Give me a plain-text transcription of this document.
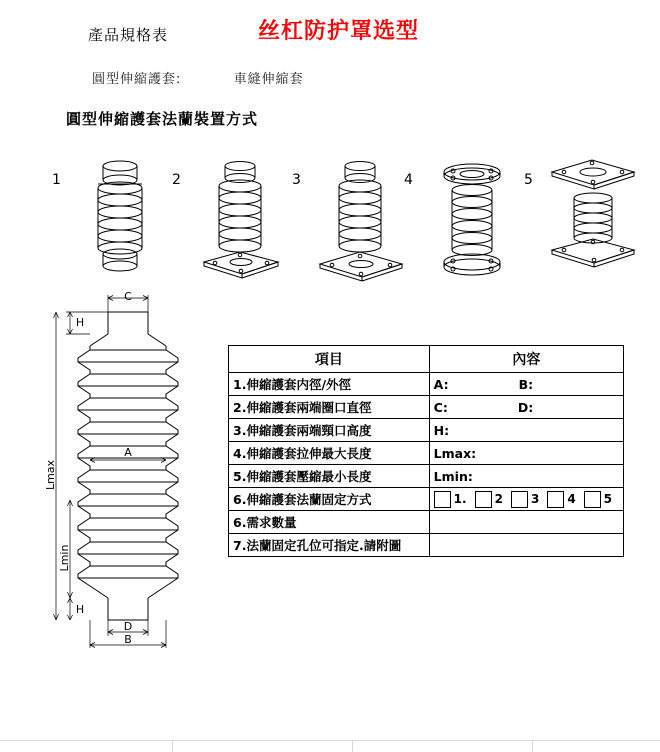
產品規格表	丝杠防护罩选型
圓型伸縮護套:	車縫伸縮套
圓型伸縮護套法蘭裝置方式
1	2	3	4	5
C
H
A
Lmax
Lmin
H
D
B
項目	內容
1.伸縮護套内徑/外徑	A: B:
2.伸縮護套兩端圈口直徑	C: D:
3.伸縮護套兩端頸口高度	H:
4.伸縮護套拉伸最大長度	Lmax:
5.伸縮護套壓縮最小長度	Lmin:
6.伸縮護套法蘭固定方式	1. 2 3 4 5

6.需求數量	
7.法蘭固定孔位可指定.請附圖	
